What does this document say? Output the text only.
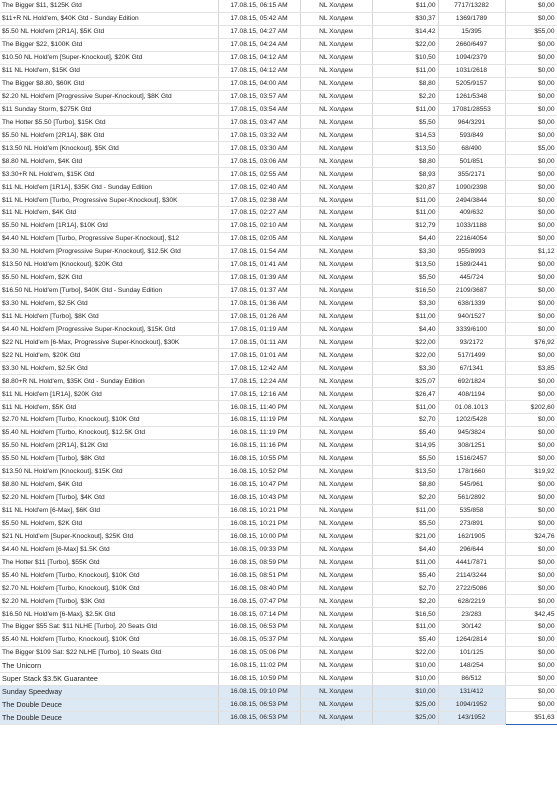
The Bigger $11, $125K Gtd	17.08.15, 06:15 AM	NL Холдем	$11,00	7717/13282	$0,00
$11+R NL Hold'em, $40K Gtd - Sunday Edition	17.08.15, 05:42 AM	NL Холдем	$30,37	1369/1789	$0,00
$5.50 NL Hold'em [2R1A], $5K Gtd	17.08.15, 04:27 AM	NL Холдем	$14,42	15/395	$55,00
The Bigger $22, $100K Gtd	17.08.15, 04:24 AM	NL Холдем	$22,00	2660/6497	$0,00
$10.50 NL Hold'em [Super-Knockout], $20K Gtd	17.08.15, 04:12 AM	NL Холдем	$10,50	1094/2379	$0,00
$11 NL Hold'em, $15K Gtd	17.08.15, 04:12 AM	NL Холдем	$11,00	1031/2618	$0,00
The Bigger $8.80, $60K Gtd	17.08.15, 04:00 AM	NL Холдем	$8,80	5205/9157	$0,00
$2.20 NL Hold'em [Progressive Super-Knockout], $8K Gtd	17.08.15, 03:57 AM	NL Холдем	$2,20	1261/5348	$0,00
$11 Sunday Storm, $275K Gtd	17.08.15, 03:54 AM	NL Холдем	$11,00	17081/28553	$0,00
The Hotter $5.50 [Turbo], $15K Gtd	17.08.15, 03:47 AM	NL Холдем	$5,50	964/3291	$0,00
$5.50 NL Hold'em [2R1A], $8K Gtd	17.08.15, 03:32 AM	NL Холдем	$14,53	593/849	$0,00
$13.50 NL Hold'em [Knockout], $5K Gtd	17.08.15, 03:30 AM	NL Холдем	$13,50	68/490	$5,00
$8.80 NL Hold'em, $4K Gtd	17.08.15, 03:06 AM	NL Холдем	$8,80	501/851	$0,00
$3.30+R NL Hold'em, $15K Gtd	17.08.15, 02:55 AM	NL Холдем	$8,93	355/2171	$0,00
$11 NL Hold'em [1R1A], $35K Gtd - Sunday Edition	17.08.15, 02:40 AM	NL Холдем	$20,87	1090/2398	$0,00
$11 NL Hold'em [Turbo, Progressive Super-Knockout], $30K	17.08.15, 02:38 AM	NL Холдем	$11,00	2494/3844	$0,00
$11 NL Hold'em, $4K Gtd	17.08.15, 02:27 AM	NL Холдем	$11,00	409/632	$0,00
$5.50 NL Hold'em [1R1A], $10K Gtd	17.08.15, 02:10 AM	NL Холдем	$12,79	1033/1188	$0,00
$4.40 NL Hold'em [Turbo, Progressive Super-Knockout], $12	17.08.15, 02:05 AM	NL Холдем	$4,40	2216/4054	$0,00
$3.30 NL Hold'em [Progressive Super-Knockout], $12.5K Gtd	17.08.15, 01:54 AM	NL Холдем	$3,30	955/8993	$1,12
$13.50 NL Hold'em [Knockout], $20K Gtd	17.08.15, 01:41 AM	NL Холдем	$13,50	1589/2441	$0,00
$5.50 NL Hold'em, $2K Gtd	17.08.15, 01:39 AM	NL Холдем	$5,50	445/724	$0,00
$16.50 NL Hold'em [Turbo], $40K Gtd - Sunday Edition	17.08.15, 01:37 AM	NL Холдем	$16,50	2109/3687	$0,00
$3.30 NL Hold'em, $2.5K Gtd	17.08.15, 01:36 AM	NL Холдем	$3,30	638/1339	$0,00
$11 NL Hold'em [Turbo], $8K Gtd	17.08.15, 01:26 AM	NL Холдем	$11,00	940/1527	$0,00
$4.40 NL Hold'em [Progressive Super-Knockout], $15K Gtd	17.08.15, 01:19 AM	NL Холдем	$4,40	3339/6100	$0,00
$22 NL Hold'em [6-Max, Progressive Super-Knockout], $30K	17.08.15, 01:11 AM	NL Холдем	$22,00	93/2172	$76,92
$22 NL Hold'em, $20K Gtd	17.08.15, 01:01 AM	NL Холдем	$22,00	517/1499	$0,00
$3.30 NL Hold'em, $2.5K Gtd	17.08.15, 12:42 AM	NL Холдем	$3,30	67/1341	$3,85
$8.80+R NL Hold'em, $35K Gtd - Sunday Edition	17.08.15, 12:24 AM	NL Холдем	$25,07	692/1824	$0,00
$11 NL Hold'em [1R1A], $20K Gtd	17.08.15, 12:16 AM	NL Холдем	$26,47	408/1194	$0,00
$11 NL Hold'em, $5K Gtd	16.08.15, 11:40 PM	NL Холдем	$11,00	01.08.1013	$202,60
$2.70 NL Hold'em [Turbo, Knockout], $10K Gtd	16.08.15, 11:19 PM	NL Холдем	$2,70	1202/5428	$0,00
$5.40 NL Hold'em [Turbo, Knockout], $12.5K Gtd	16.08.15, 11:19 PM	NL Холдем	$5,40	945/3824	$0,00
$5.50 NL Hold'em [2R1A], $12K Gtd	16.08.15, 11:16 PM	NL Холдем	$14,95	308/1251	$0,00
$5.50 NL Hold'em [Turbo], $8K Gtd	16.08.15, 10:55 PM	NL Холдем	$5,50	1516/2457	$0,00
$13.50 NL Hold'em [Knockout], $15K Gtd	16.08.15, 10:52 PM	NL Холдем	$13,50	178/1660	$19,92
$8.80 NL Hold'em, $4K Gtd	16.08.15, 10:47 PM	NL Холдем	$8,80	545/961	$0,00
$2.20 NL Hold'em [Turbo], $4K Gtd	16.08.15, 10:43 PM	NL Холдем	$2,20	561/2892	$0,00
$11 NL Hold'em [6-Max], $6K Gtd	16.08.15, 10:21 PM	NL Холдем	$11,00	535/858	$0,00
$5.50 NL Hold'em, $2K Gtd	16.08.15, 10:21 PM	NL Холдем	$5,50	273/891	$0,00
$21 NL Hold'em [Super-Knockout], $25K Gtd	16.08.15, 10:00 PM	NL Холдем	$21,00	162/1905	$24,76
$4.40 NL Hold'em [6-Max] $1.5K Gtd	16.08.15, 09:33 PM	NL Холдем	$4,40	296/644	$0,00
The Hotter $11 [Turbo], $55K Gtd	16.08.15, 08:59 PM	NL Холдем	$11,00	4441/7871	$0,00
$5.40 NL Hold'em [Turbo, Knockout], $10K Gtd	16.08.15, 08:51 PM	NL Холдем	$5,40	2114/3244	$0,00
$2.70 NL Hold'em [Turbo, Knockout], $10K Gtd	16.08.15, 08:40 PM	NL Холдем	$2,70	2722/5086	$0,00
$2.20 NL Hold'em [Turbo], $3K Gtd	16.08.15, 07:47 PM	NL Холдем	$2,20	628/2219	$0,00
$16.50 NL Hold'em [6-Max], $2.5K Gtd	16.08.15, 07:14 PM	NL Холдем	$16,50	23/283	$42,45
The Bigger $55 Sat: $11 NLHE [Turbo], 20 Seats Gtd	16.08.15, 06:53 PM	NL Холдем	$11,00	30/142	$0,00
$5.40 NL Hold'em [Turbo, Knockout], $10K Gtd	16.08.15, 05:37 PM	NL Холдем	$5,40	1264/2814	$0,00
The Bigger $109 Sat: $22 NLHE [Turbo], 10 Seats Gtd	16.08.15, 05:06 PM	NL Холдем	$22,00	101/125	$0,00
The Unicorn	16.08.15, 11:02 PM	NL Холдем	$10,00	148/254	$0,00
Super Stack $3.5K Guarantee	16.08.15, 10:59 PM	NL Холдем	$10,00	86/512	$0,00
Sunday Speedway	16.08.15, 09:10 PM	NL Холдем	$10,00	131/412	$0,00
The Double Deuce	16.08.15, 06:53 PM	NL Холдем	$25,00	1094/1952	$0,00
The Double Deuce	16.08.15, 06:53 PM	NL Холдем	$25,00	143/1952	$51,63
